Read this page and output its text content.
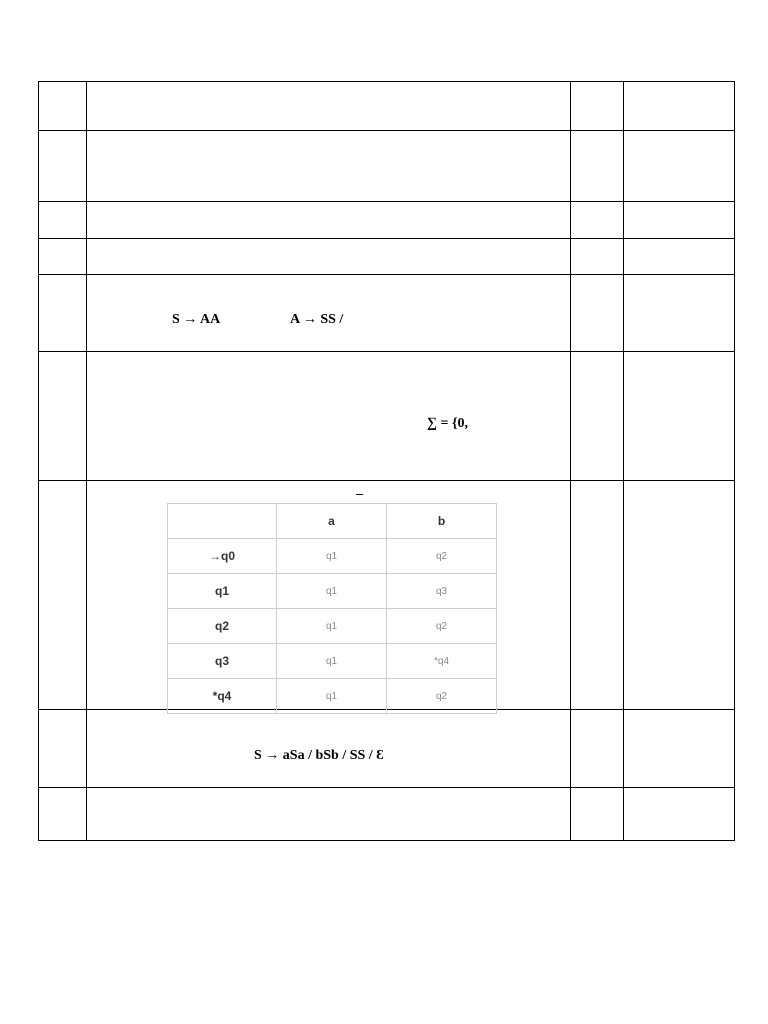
S → AA	A → SS /
∑ = {0,
_
	a	b
→q0	q1	q2
q1	q1	q3
q2	q1	q2
q3	q1	*q4
*q4	q1	q2
S → aSa / bSb / SS / Ɛ
